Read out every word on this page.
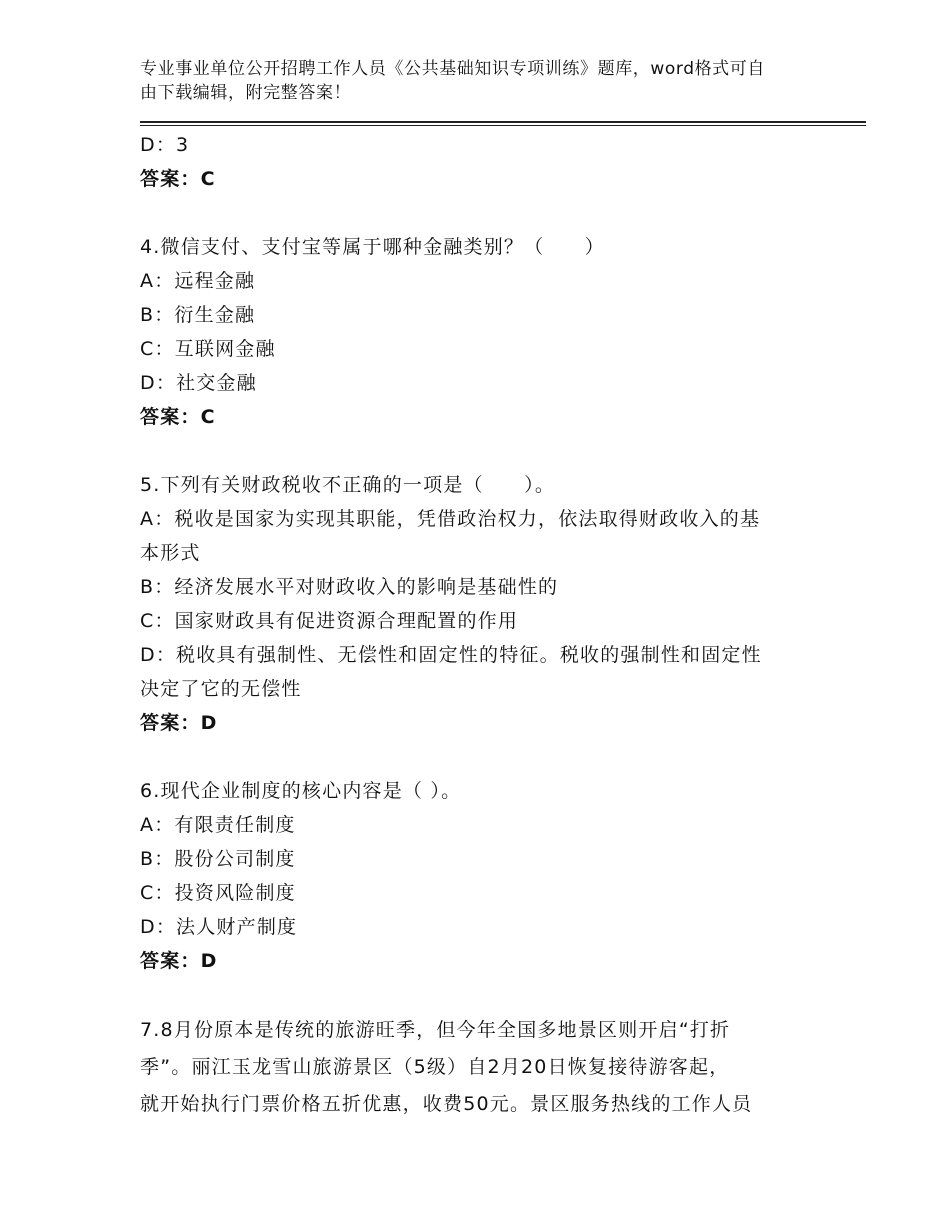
专业事业单位公开招聘工作人员《公共基础知识专项训练》题库，word格式可自
由下载编辑，附完整答案！
D：3
答案：C
4.微信支付、支付宝等属于哪种金融类别？（　　）
A：远程金融
B：衍生金融
C：互联网金融
D：社交金融
答案：C
5.下列有关财政税收不正确的一项是（　　）。
A：税收是国家为实现其职能，凭借政治权力，依法取得财政收入的基
本形式
B：经济发展水平对财政收入的影响是基础性的
C：国家财政具有促进资源合理配置的作用
D：税收具有强制性、无偿性和固定性的特征。税收的强制性和固定性
决定了它的无偿性
答案：D
6.现代企业制度的核心内容是（ ）。
A：有限责任制度
B：股份公司制度
C：投资风险制度
D：法人财产制度
答案：D
7.8月份原本是传统的旅游旺季，但今年全国多地景区则开启“打折
季”。丽江玉龙雪山旅游景区（5级）自2月20日恢复接待游客起，
就开始执行门票价格五折优惠，收费50元。景区服务热线的工作人员
